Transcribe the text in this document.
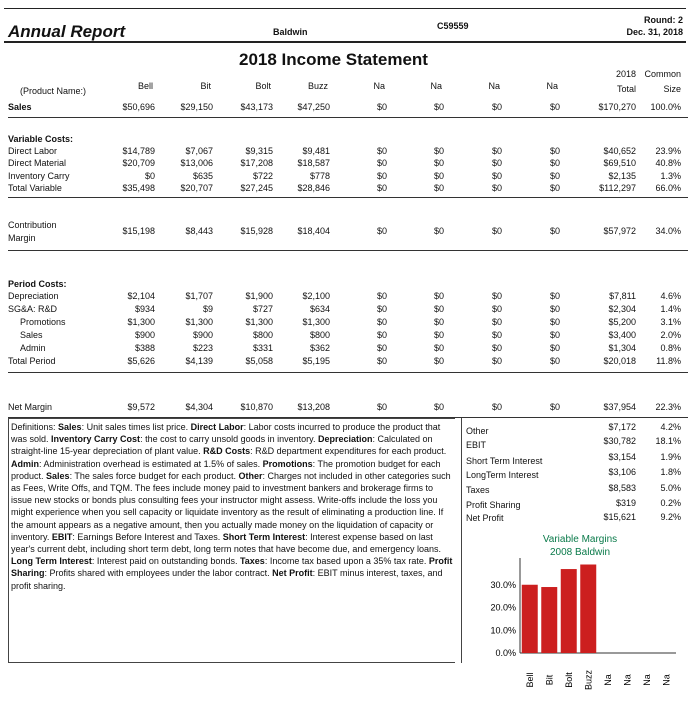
Annual Report	Baldwin
C59559
Round: 2
Dec. 31, 2018
2018 Income Statement
(Product Name:)	Bell	Bit	Bolt	Buzz	Na	Na	Na	Na
2018 Common
Total	Size
Sales	$50,696	$29,150	$43,173	$47,250	$0	$0	$0	$0	$170,270 100.0%
Variable Costs:
Direct Labor	$14,789	$7,067	$9,315	$9,481	$0	$0	$0	$0	$40,652 23.9%
Direct Material	$20,709	$13,006	$17,208	$18,587	$0	$0	$0	$0	$69,510 40.8%
Inventory Carry	$0	$635	$722	$778	$0	$0	$0	$0	$2,135	1.3%
Total Variable	$35,498	$20,707	$27,245	$28,846	$0	$0	$0	$0	$112,297 66.0%
Contribution
Margin
$15,198	$8,443	$15,928	$18,404	$0	$0	$0	$0	$57,972 34.0%
Period Costs:
Depreciation	$2,104	$1,707	$1,900	$2,100	$0	$0	$0	$0	$7,811	4.6%
SG&A: R&D	$934	$9	$727	$634	$0	$0	$0	$0	$2,304	1.4%
Promotions	$1,300	$1,300	$1,300	$1,300	$0	$0	$0	$0	$5,200	3.1%
Sales	$900	$900	$800	$800	$0	$0	$0	$0	$3,400	2.0%
Admin	$388	$223	$331	$362	$0	$0	$0	$0	$1,304	0.8%
Total Period	$5,626	$4,139	$5,058	$5,195	$0	$0	$0	$0	$20,018 11.8%
Net Margin	$9,572	$4,304	$10,870	$13,208	$0	$0	$0	$0	$37,954 22.3%

Definitions: Sales: Unit sales times list price. Direct Labor: Labor costs incurred to produce the product that was sold. Inventory Carry Cost: the cost to carry unsold goods in inventory. Depreciation: Calculated on straight-line 15-year depreciation of plant value. R&D Costs: R&D department expenditures for each product. Admin: Administration overhead is estimated at 1.5% of sales. Promotions: The promotion budget for each product. Sales: The sales force budget for each product. Other: Charges not included in other categories such as Fees, Write Offs, and TQM. The fees include money paid to investment bankers and brokerage firms to issue new stocks or bonds plus consulting fees your instructor might assess. Write-offs include the loss you might experience when you sell capacity or liquidate inventory as the result of eliminating a production line. If the amount appears as a negative amount, then you actually made money on the liquidation of capacity or inventory. EBIT: Earnings Before Interest and Taxes. Short Term Interest: Interest expense based on last year's current debt, including short term debt, long term notes that have become due, and emergency loans. Long Term Interest: Interest paid on outstanding bonds. Taxes: Income tax based upon a 35% tax rate. Profit Sharing: Profits shared with employees under the labor contract. Net Profit: EBIT minus interest, taxes, and profit sharing.

Other	$7,172	4.2%
EBIT	$30,782 18.1%
Short Term Interest	$3,154	1.9%
LongTerm Interest	$3,106	1.8%
Taxes	$8,583	5.0%
Profit Sharing	$319	0.2%
Net Profit	$15,621	9.2%
Variable Margins
2008 Baldwin
30.0%
20.0%
10.0%
0.0%
Bell Bit Bolt Buzz Na Na Na Na
